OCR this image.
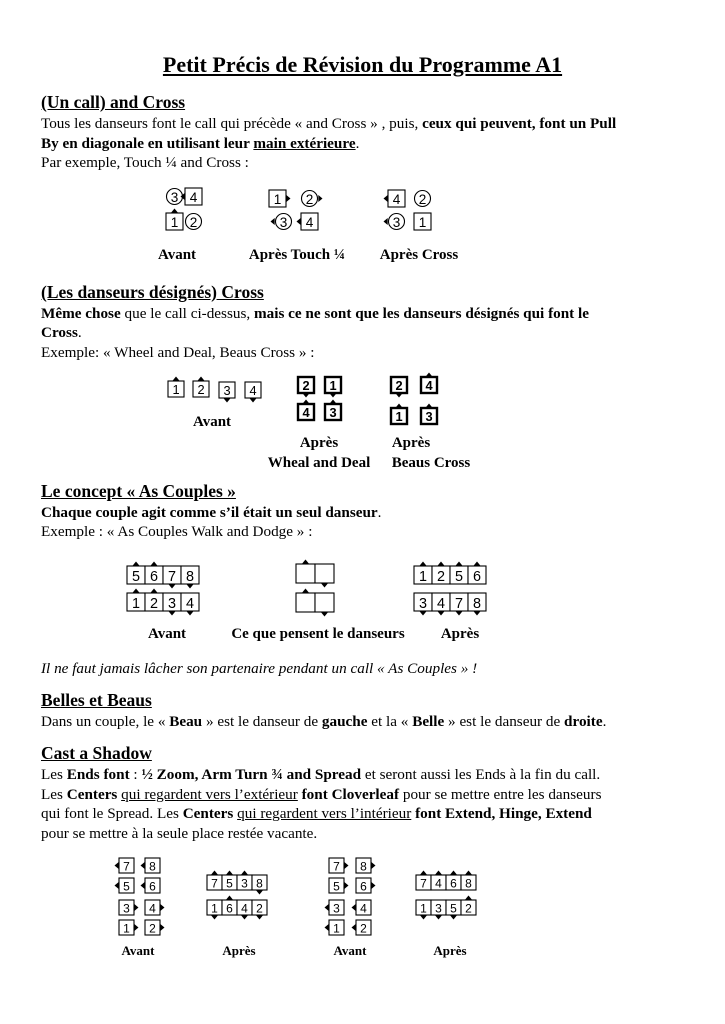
Petit Précis de Révision du Programme A1
(Un call) and Cross
Tous les danseurs font le call qui précède « and Cross » , puis, ceux qui peuvent, font un Pull
By en diagonale en utilisant leur main extérieure.
Par exemple, Touch ¼ and Cross :
3 4
1 2
1 2
3 4
4 2
3 1
Avant	Après Touch ¼	Après Cross
(Les danseurs désignés) Cross
Même chose que le call ci-dessus, mais ce ne sont que les danseurs désignés qui font le
Cross.
Exemple: « Wheel and Deal, Beaus Cross » :
1 2 3 4	2 1
4 3
2 4
1 3
Avant
Après
Wheal and Deal
Après
Beaus Cross
Le concept « As Couples »
Chaque couple agit comme s’il était un seul danseur.
Exemple : « As Couples Walk and Dodge » :
5 6 7 8
1 2 3 4
1 2 5 6
3 4 7 8
Avant	Ce que pensent le danseurs	Après
Il ne faut jamais lâcher son partenaire pendant un call « As Couples » !
Belles et Beaus
Dans un couple, le « Beau » est le danseur de gauche et la « Belle » est le danseur de droite.
Cast a Shadow
Les Ends font : ½ Zoom, Arm Turn ¾ and Spread et seront aussi les Ends à la fin du call.
Les Centers qui regardent vers l’extérieur font Cloverleaf pour se mettre entre les danseurs
qui font le Spread. Les Centers qui regardent vers l’intérieur font Extend, Hinge, Extend
pour se mettre à la seule place restée vacante.
7 8
5 6
3 4
1 2
7 5 3 8
1 6 4 2
7 8
5 6
3 4
1 2
7 4 6 8
1 3 5 2
Avant	Après	Avant	Après
